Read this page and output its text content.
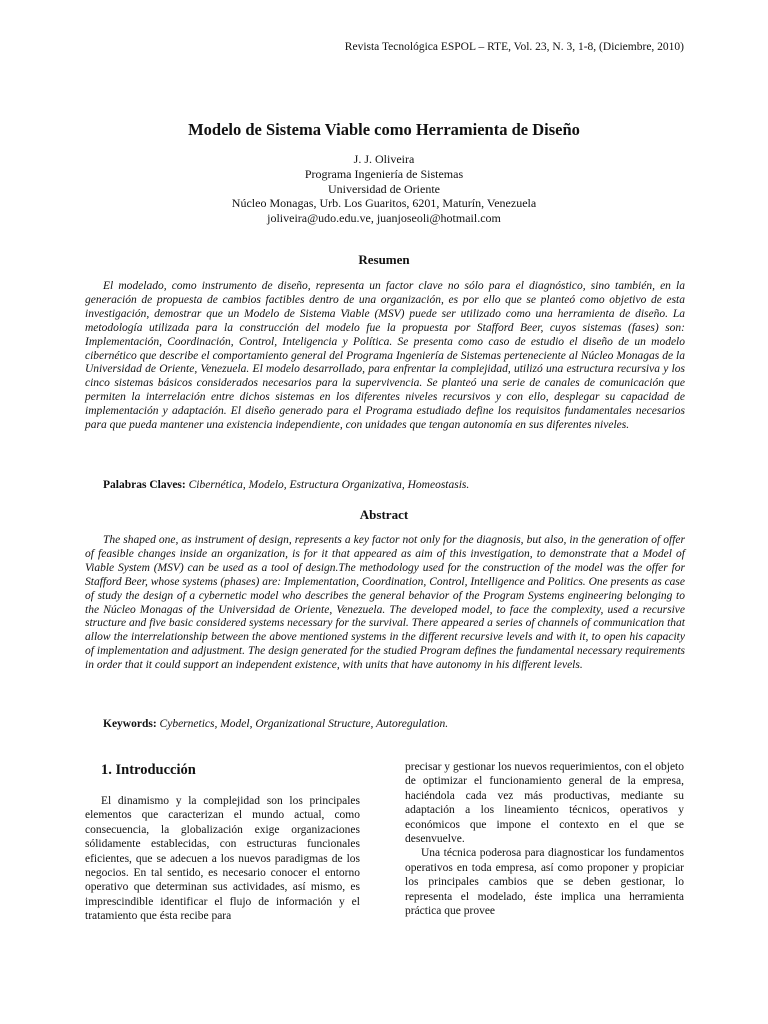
Revista Tecnológica ESPOL – RTE, Vol. 23, N. 3, 1-8, (Diciembre, 2010)
Modelo de Sistema Viable como Herramienta de Diseño
J. J. Oliveira
Programa Ingeniería de Sistemas
Universidad de Oriente
Núcleo Monagas, Urb. Los Guaritos, 6201, Maturín, Venezuela
joliveira@udo.edu.ve, juanjoseoli@hotmail.com
Resumen

El modelado, como instrumento de diseño, representa un factor clave no sólo para el diagnóstico, sino también, en la generación de propuesta de cambios factibles dentro de una organización, es por ello que se planteó como objetivo de esta investigación, demostrar que un Modelo de Sistema Viable (MSV) puede ser utilizado como una herramienta de diseño. La metodología utilizada para la construcción del modelo fue la propuesta por Stafford Beer, cuyos sistemas (fases) son: Implementación, Coordinación, Control, Inteligencia y Política. Se presenta como caso de estudio el diseño de un modelo cibernético que describe el comportamiento general del Programa Ingeniería de Sistemas perteneciente al Núcleo Monagas de la Universidad de Oriente, Venezuela. El modelo desarrollado, para enfrentar la complejidad, utilizó una estructura recursiva y los cinco sistemas básicos considerados necesarios para la supervivencia. Se planteó una serie de canales de comunicación que permiten la interrelación entre dichos sistemas en los diferentes niveles recursivos y con ello, desplegar su capacidad de implementación y adaptación. El diseño generado para el Programa estudiado define los requisitos fundamentales necesarios para que pueda mantener una existencia independiente, con unidades que tengan autonomía en sus diferentes niveles.

Palabras Claves: Cibernética, Modelo, Estructura Organizativa, Homeostasis.
Abstract

The shaped one, as instrument of design, represents a key factor not only for the diagnosis, but also, in the generation of offer of feasible changes inside an organization, is for it that appeared as aim of this investigation, to demonstrate that a Model of Viable System (MSV) can be used as a tool of design.The methodology used for the construction of the model was the offer for Stafford Beer, whose systems (phases) are: Implementation, Coordination, Control, Intelligence and Politics. One presents as case of study the design of a cybernetic model who describes the general behavior of the Program Systems engineering belonging to the Núcleo Monagas of the Universidad de Oriente, Venezuela. The developed model, to face the complexity, used a recursive structure and five basic considered systems necessary for the survival. There appeared a series of channels of communication that allow the interrelationship between the above mentioned systems in the different recursive levels and with it, to open his capacity of implementation and adjustment. The design generated for the studied Program defines the fundamental necessary requirements in order that it could support an independent existence, with units that have autonomy in his different levels.

Keywords: Cybernetics, Model, Organizational Structure, Autoregulation.
1. Introducción

El dinamismo y la complejidad son los principales elementos que caracterizan el mundo actual, como consecuencia, la globalización exige organizaciones sólidamente establecidas, con estructuras funcionales eficientes, que se adecuen a los nuevos paradigmas de los negocios. En tal sentido, es necesario conocer el entorno operativo que determinan sus actividades, así mismo, es imprescindible identificar el flujo de información y el tratamiento que ésta recibe para

precisar y gestionar los nuevos requerimientos, con el objeto de optimizar el funcionamiento general de la empresa, haciéndola cada vez más productivas, mediante su adaptación a los lineamiento técnicos, operativos y económicos que impone el contexto en el que se desenvuelve.

Una técnica poderosa para diagnosticar los fundamentos operativos en toda empresa, así como proponer y propiciar los principales cambios que se deben gestionar, lo representa el modelado, éste implica una herramienta práctica que provee
